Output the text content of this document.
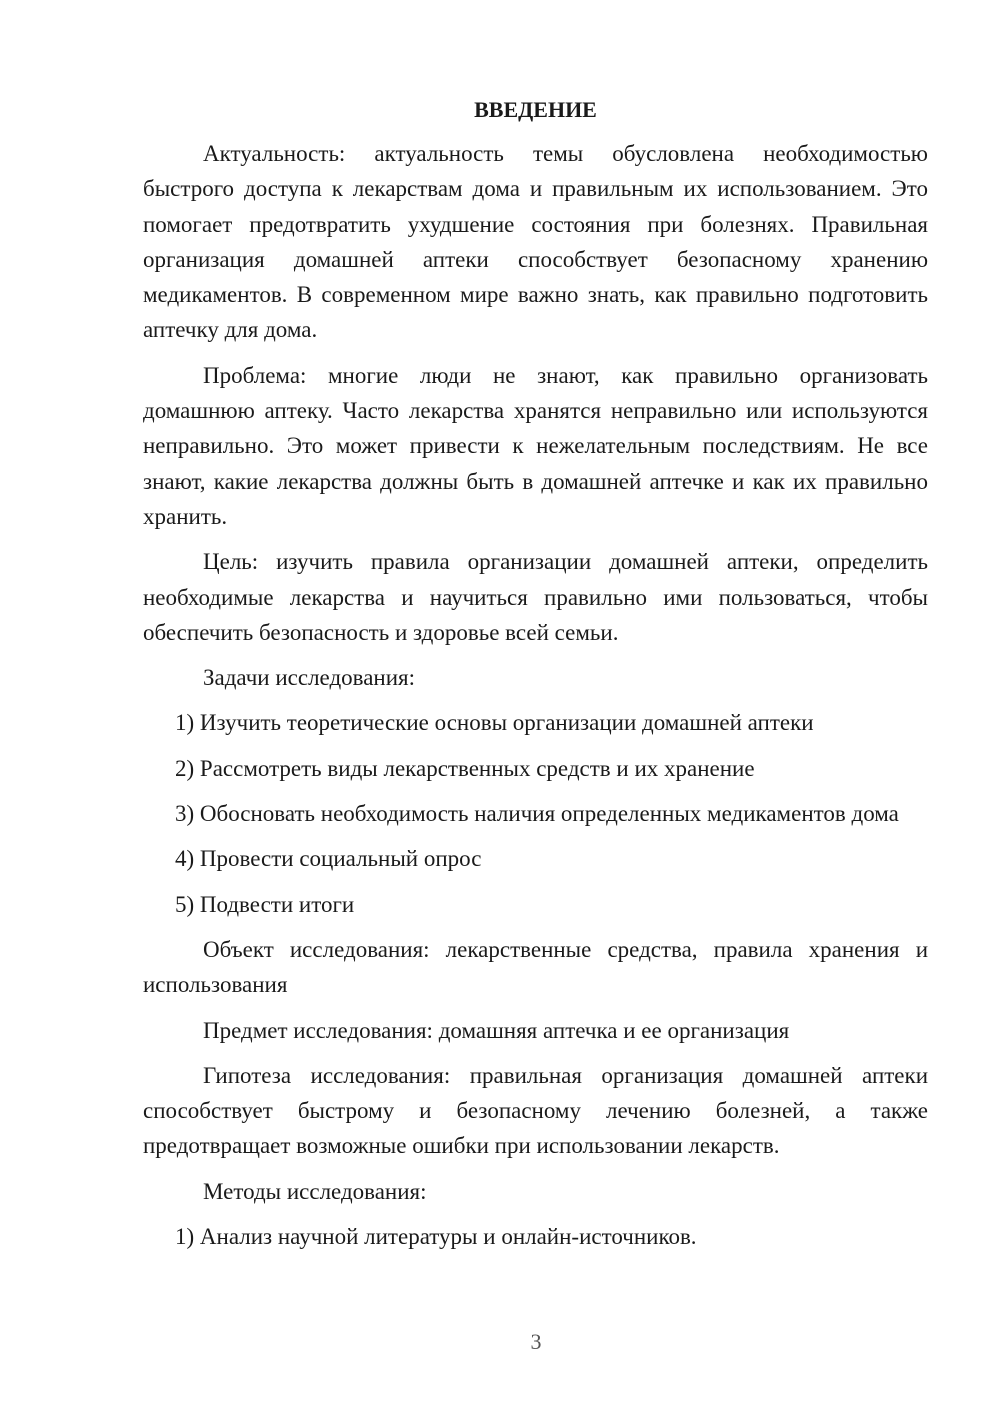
ВВЕДЕНИЕ

Актуальность: актуальность темы обусловлена необходимостью быстрого доступа к лекарствам дома и правильным их использованием. Это помогает предотвратить ухудшение состояния при болезнях. Правильная организация домашней аптеки способствует безопасному хранению медикаментов. В современном мире важно знать, как правильно подготовить аптечку для дома.

Проблема: многие люди не знают, как правильно организовать домашнюю аптеку. Часто лекарства хранятся неправильно или используются неправильно. Это может привести к нежелательным последствиям. Не все знают, какие лекарства должны быть в домашней аптечке и как их правильно хранить.

Цель: изучить правила организации домашней аптеки, определить необходимые лекарства и научиться правильно ими пользоваться, чтобы обеспечить безопасность и здоровье всей семьи.

Задачи исследования:

1) Изучить теоретические основы организации домашней аптеки

2) Рассмотреть виды лекарственных средств и их хранение

3) Обосновать необходимость наличия определенных медикаментов дома

4) Провести социальный опрос

5) Подвести итоги

Объект исследования: лекарственные средства, правила хранения и использования

Предмет исследования: домашняя аптечка и ее организация

Гипотеза исследования: правильная организация домашней аптеки способствует быстрому и безопасному лечению болезней, а также предотвращает возможные ошибки при использовании лекарств.

Методы исследования:

1) Анализ научной литературы и онлайн-источников.

3
